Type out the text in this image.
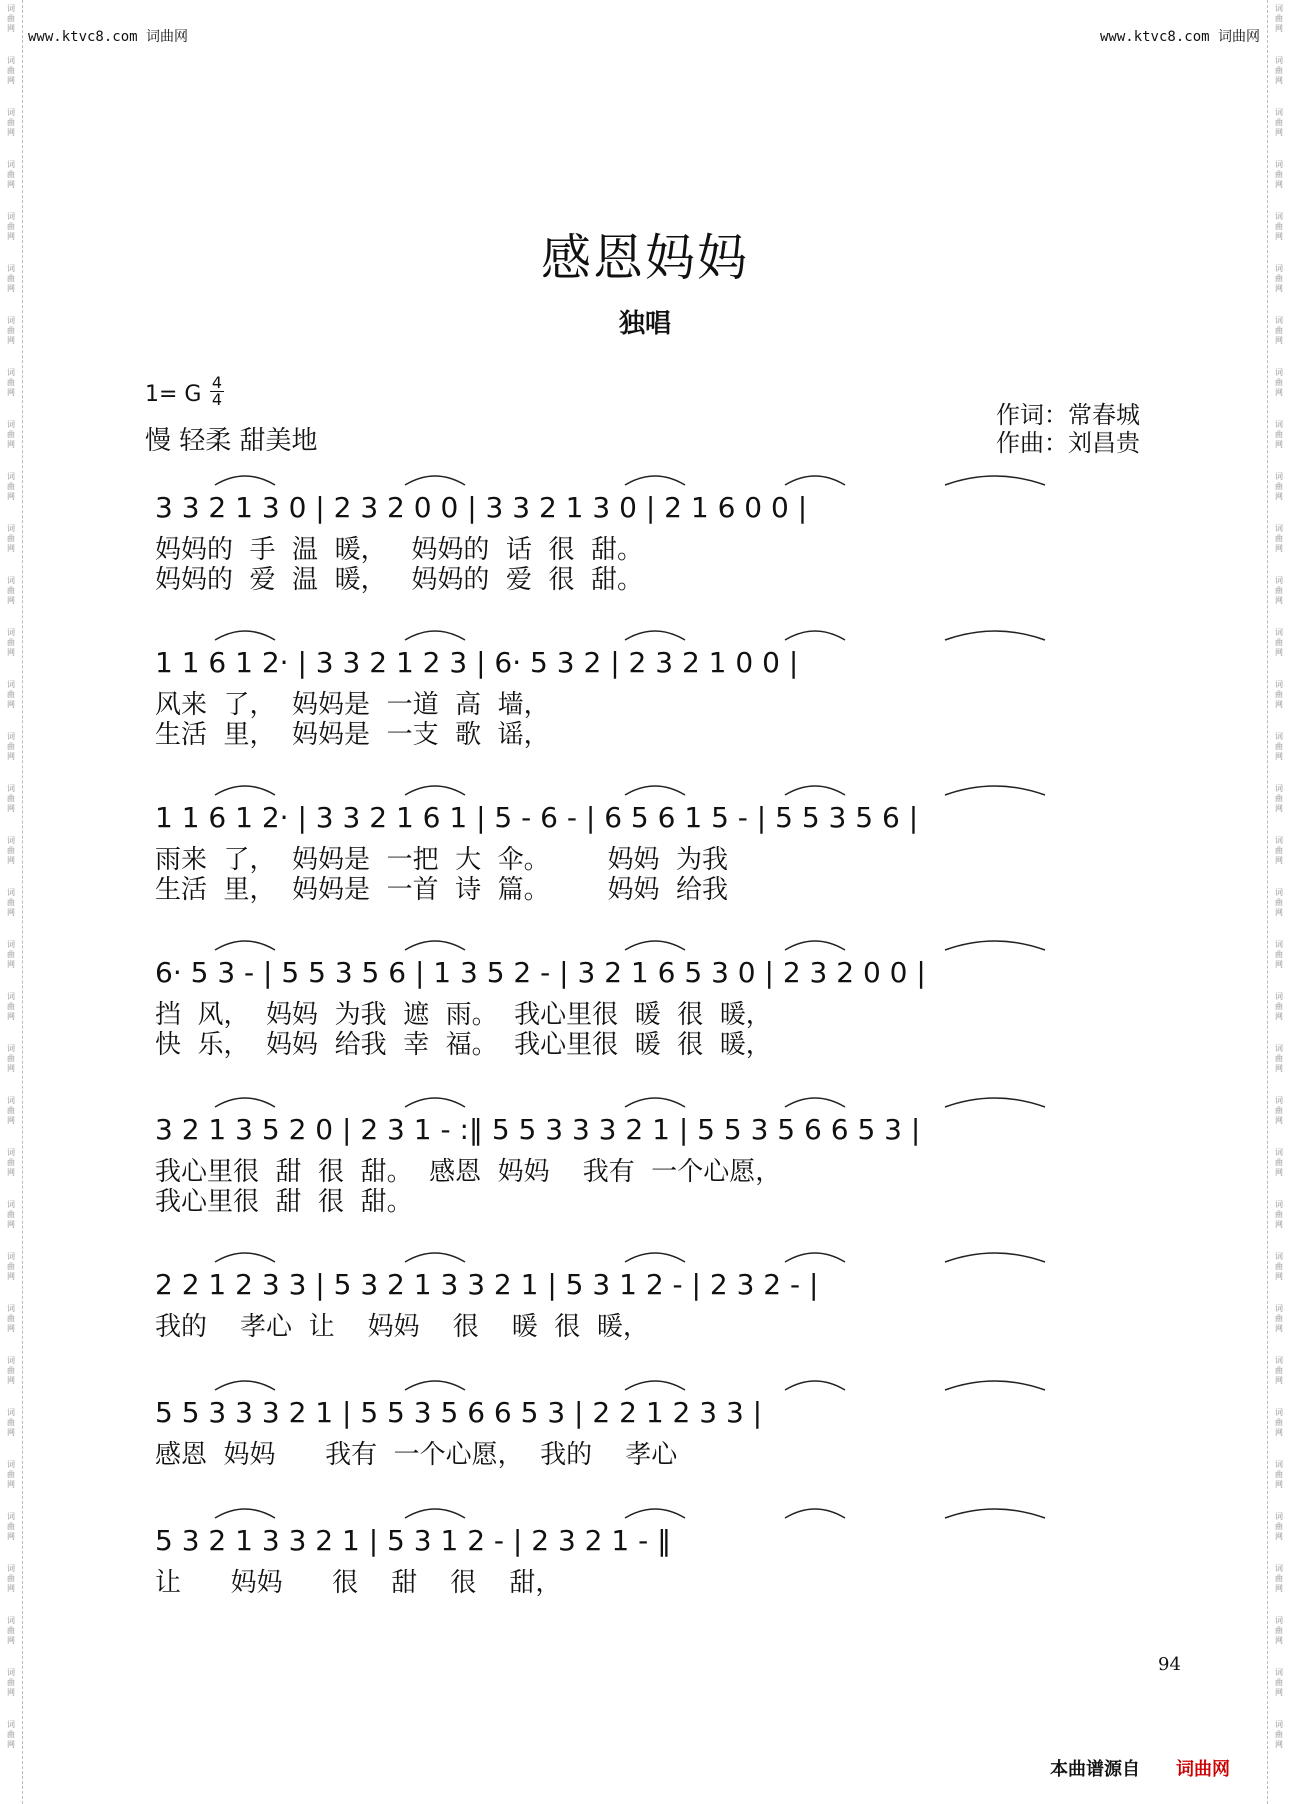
词
曲
网
词
曲
网
词
曲
网
词
曲
网
词
曲
网
词
曲
网
词
曲
网
词
曲
网
词
曲
网
词
曲
网
词
曲
网
词
曲
网
词
曲
网
词
曲
网
词
曲
网
词
曲
网
词
曲
网
词
曲
网
词
曲
网
词
曲
网
词
曲
网
词
曲
网
词
曲
网
词
曲
网
词
曲
网
词
曲
网
词
曲
网
词
曲
网
词
曲
网
词
曲
网
词
曲
网
词
曲
网
词
曲
网
词
曲
网
词
曲
网
词
曲
网
词
曲
网
词
曲
网
词
曲
网
词
曲
网
词
曲
网
词
曲
网
词
曲
网
词
曲
网
词
曲
网
词
曲
网
词
曲
网
词
曲
网
词
曲
网
词
曲
网
词
曲
网
词
曲
网
词
曲
网
词
曲
网
词
曲
网
词
曲
网
词
曲
网
词
曲
网
词
曲
网
词
曲
网
词
曲
网
词
曲
网
词
曲
网
词
曲
网
词
曲
网
词
曲
网
词
曲
网
词
曲
网
www.ktvc8.com 词曲网	www.ktvc8.com 词曲网
感恩妈妈
独唱
1= G 4
4
慢 轻柔 甜美地
作词：常春城
作曲：刘昌贵
3 3 2 1 3 0 | 2 3 2 0 0 | 3 3 2 1 3 0 | 2 1 6 0 0 |
妈妈的  手  温  暖，   妈妈的  话  很  甜。
妈妈的  爱  温  暖，   妈妈的  爱  很  甜。
1 1 6 1 2· | 3 3 2 1 2 3 | 6· 5 3 2 | 2 3 2 1 0 0 |
风来  了，  妈妈是  一道  高  墙，
生活  里，  妈妈是  一支  歌  谣，
1 1 6 1 2· | 3 3 2 1 6 1 | 5 - 6 - | 6 5 6 1 5 - | 5 5 3 5 6 |
雨来  了，  妈妈是  一把  大  伞。       妈妈  为我
生活  里，  妈妈是  一首  诗  篇。       妈妈  给我
6· 5 3 - | 5 5 3 5 6 | 1 3 5 2 - | 3 2 1 6 5 3 0 | 2 3 2 0 0 |
挡  风，  妈妈  为我  遮  雨。  我心里很  暖  很  暖，
快  乐，  妈妈  给我  幸  福。  我心里很  暖  很  暖，
3 2 1 3 5 2 0 | 2 3 1 - :‖ 5 5 3 3 3 2 1 | 5 5 3 5 6 6 5 3 |
我心里很  甜  很  甜。  感恩  妈妈    我有  一个心愿，
我心里很  甜  很  甜。
2 2 1 2 3 3 | 5 3 2 1 3 3 2 1 | 5 3 1 2 - | 2 3 2 - |
我的    孝心  让    妈妈    很    暖  很  暖，
5 5 3 3 3 2 1 | 5 5 3 5 6 6 5 3 | 2 2 1 2 3 3 |
感恩  妈妈      我有  一个心愿，  我的    孝心
5 3 2 1 3 3 2 1 | 5 3 1 2 - | 2 3 2 1 - ‖
让      妈妈      很    甜    很    甜，
94
本曲谱源自 词曲网
